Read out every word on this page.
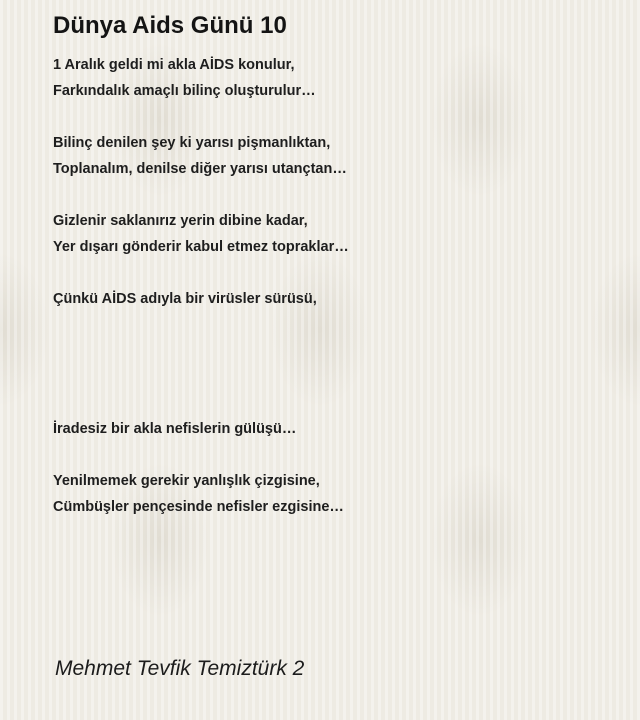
Dünya Aids Günü 10
1 Aralık geldi mi akla AİDS konulur,
Farkındalık amaçlı bilinç oluşturulur…
Bilinç denilen şey ki yarısı pişmanlıktan,
Toplanalım, denilse diğer yarısı utançtan…
Gizlenir saklanırız yerin dibine kadar,
Yer dışarı gönderir kabul etmez topraklar…
Çünkü AİDS adıyla bir virüsler sürüsü,
İradesiz bir akla nefislerin gülüşü…
Yenilmemek gerekir yanlışlık çizgisine,
Cümbüşler pençesinde nefisler ezgisine…
Mehmet Tevfik Temiztürk 2
